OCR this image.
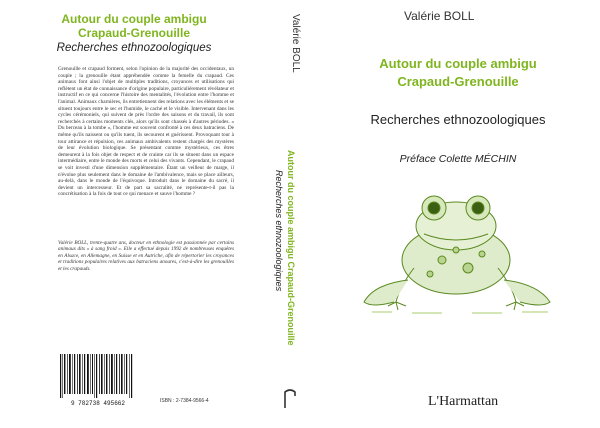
Autour du couple ambigu
Crapaud-Grenouille
Recherches ethnozoologiques

Grenouille et crapaud forment, selon l'opinion de la majorité des occidentaux, un couple ; la grenouille étant appréhendée comme la femelle du crapaud. Ces animaux font ainsi l'objet de multiples traditions, croyances et utilisations qui reflètent un état de connaissance d'origine populaire, particulièrement révélateur et instructif en ce qui concerne l'histoire des mentalités, l'évolution entre l'homme et l'animal. Animaux charnières, ils entretiennent des relations avec les éléments et se situent toujours entre le sec et l'humide, le caché et le visible. Intervenant dans les cycles cérémoniels, qui suivent de près l'ordre des saisons et du travail, ils sont recherchés à certains moments clés, alors qu'ils sont chassés à d'autres périodes. « Du berceau à la tombe », l'homme est souvent confronté à ces deux batraciens. De même qu'ils naissent ou qu'ils tuent, ils secourent et guérissent. Provoquant tour à tour attirance et répulsion, ces animaux ambivalents restent chargés des mystères de leur évolution biologique. Se présentant comme mystérieux, ces êtres demeurent à la fois objet de respect et de crainte car ils se situent dans un espace intermédiaire, entre le monde des morts et celui des vivants. Cependant, le crapaud se voit investi d'une dimension supplémentaire. Étant un veilleur de marge, il n'évolue plus seulement dans le domaine de l'ambivalence, mais se place ailleurs, au-delà, dans le monde de l'équivoque. Introduit dans le domaine du sacré, il devient un intercesseur. Et de part sa sacralité, ne représente-t-il pas la concrétisation à la fois de tout ce qui menace et sauve l'homme ?

Valérie BOLL, trente-quatre ans, docteur en ethnologie est passionnée par certains animaux dits « à sang froid ». Elle a effectué depuis 1992 de nombreuses enquêtes en Alsace, en Allemagne, en Suisse et en Autriche, afin de répertorier les croyances et traditions populaires relatives aux batraciens anoures, c'est-à-dire les grenouilles et les crapauds.

9 782738 495662	ISBN : 2-7384-9566-4
Valérie BOLL
Autour du couple ambigu Crapaud-Grenouille
Recherches ethnozoologiques
Valérie BOLL
Autour du couple ambigu
Crapaud-Grenouille
Recherches ethnozoologiques
Préface Colette MÉCHIN
L'Harmattan
